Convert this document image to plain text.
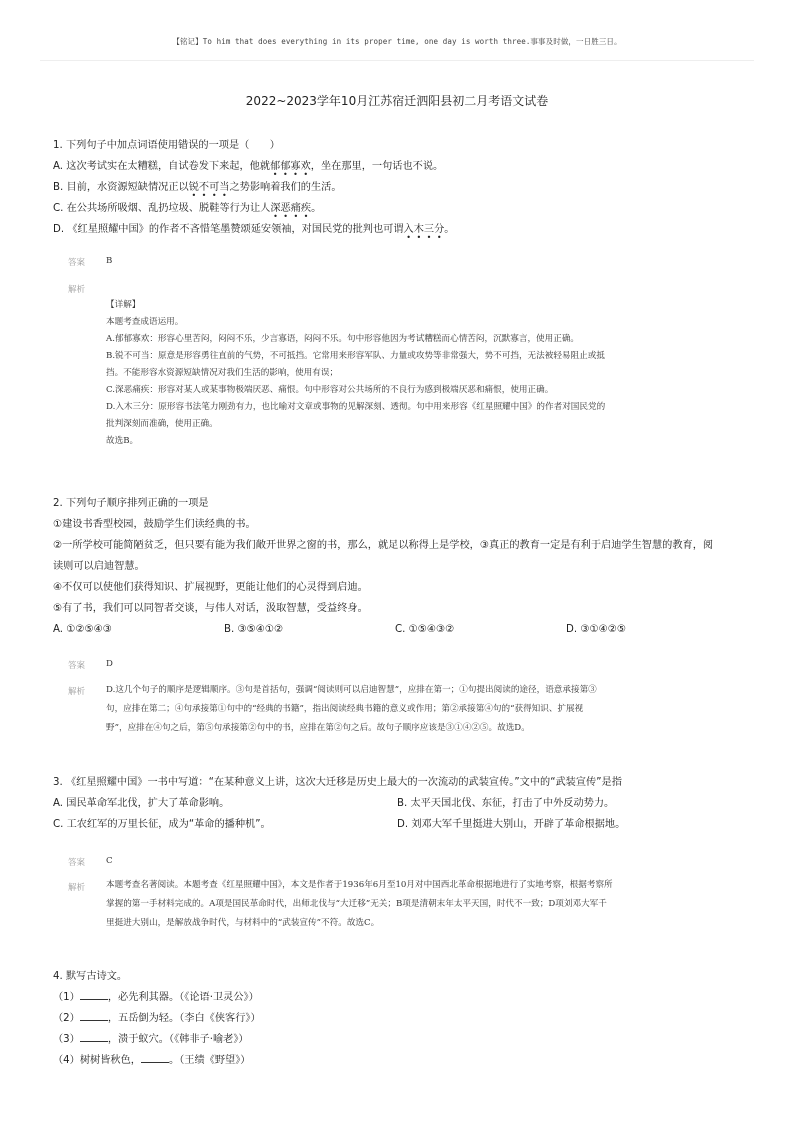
【铭记】To him that does everything in its proper time, one day is worth three.事事及时做，一日胜三日。
2022~2023学年10月江苏宿迁泗阳县初二月考语文试卷

1. 下列句子中加点词语使用错误的一项是（　　）

A. 这次考试实在太糟糕，自试卷发下来起，他就郁郁寡欢，坐在那里，一句话也不说。

B. 目前，水资源短缺情况正以锐不可当之势影响着我们的生活。

C. 在公共场所吸烟、乱扔垃圾、脱鞋等行为让人深恶痛疾。

D. 《红星照耀中国》的作者不吝惜笔墨赞颂延安领袖，对国民党的批判也可谓入木三分。

答案 B
解析

【详解】

本题考查成语运用。

A.郁郁寡欢：形容心里苦闷，闷闷不乐，少言寡语，闷闷不乐。句中形容他因为考试糟糕而心情苦闷，沉默寡言，使用正确。

B.锐不可当：原意是形容勇往直前的气势，不可抵挡。它常用来形容军队、力量或攻势等非常强大，势不可挡，无法被轻易阻止或抵

挡。不能形容水资源短缺情况对我们生活的影响，使用有误；

C.深恶痛疾：形容对某人或某事物极端厌恶、痛恨。句中形容对公共场所的不良行为感到极端厌恶和痛恨，使用正确。

D.入木三分：原形容书法笔力刚劲有力，也比喻对文章或事物的见解深刻、透彻。句中用来形容《红星照耀中国》的作者对国民党的

批判深刻而准确，使用正确。

故选B。

2. 下列句子顺序排列正确的一项是

①建设书香型校园，鼓励学生们读经典的书。

②一所学校可能简陋贫乏，但只要有能为我们敞开世界之窗的书，那么，就足以称得上是学校，③真正的教育一定是有利于启迪学生智慧的教育，阅

读则可以启迪智慧。

④不仅可以使他们获得知识、扩展视野，更能让他们的心灵得到启迪。

⑤有了书，我们可以同智者交谈，与伟人对话，汲取智慧，受益终身。

A. ①②⑤④③	B. ③⑤④①②	C. ①⑤④③②	D. ③①④②⑤
答案 D
解析 D.这几个句子的顺序是逻辑顺序。③句是首括句，强调“阅读则可以启迪智慧”，应排在第一；①句提出阅读的途径，语意承接第③

句，应排在第二；④句承接第①句中的“经典的书籍”，指出阅读经典书籍的意义或作用；第②承接第④句的“获得知识、扩展视

野”，应排在④句之后，第⑤句承接第②句中的书，应排在第②句之后。故句子顺序应该是③①④②⑤。故选D。

3. 《红星照耀中国》一书中写道：“在某种意义上讲，这次大迁移是历史上最大的一次流动的武装宣传。”文中的“武装宣传”是指

A. 国民革命军北伐，扩大了革命影响。	B. 太平天国北伐、东征，打击了中外反动势力。
C. 工农红军的万里长征，成为“革命的播种机”。	D. 刘邓大军千里挺进大别山，开辟了革命根据地。
答案 C
解析 本题考查名著阅读。本题考查《红星照耀中国》，本文是作者于1936年6月至10月对中国西北革命根据地进行了实地考察，根据考察所

掌握的第一手材料完成的。A项是国民革命时代，出师北伐与“大迁移”无关；B项是清朝末年太平天国，时代不一致；D项刘邓大军千

里挺进大别山，是解放战争时代，与材料中的“武装宣传”不符。故选C。

4. 默写古诗文。

（1）	，必先利其器。（《论语·卫灵公》）

（2）	，五岳倒为轻。（李白《侠客行》）

（3）	，溃于蚁穴。（《韩非子·喻老》）

（4）树树皆秋色，	。（王绩《野望》）
